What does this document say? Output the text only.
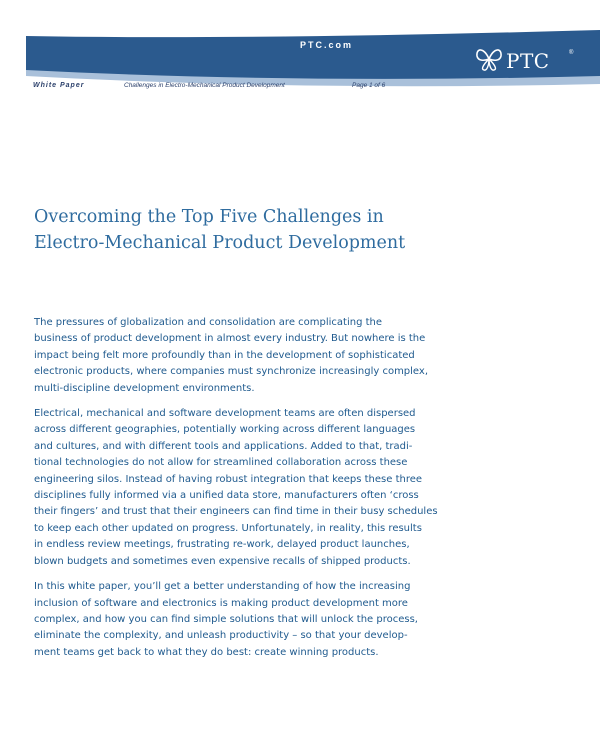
PTC.com
PTC	®
White Paper	Challenges in Electro-Mechanical Product Development	Page 1 of 6
Overcoming the Top Five Challenges in
Electro-Mechanical Product Development

The pressures of globalization and consolidation are complicating the
business of product development in almost every industry. But nowhere is the
impact being felt more profoundly than in the development of sophisticated
electronic products, where companies must synchronize increasingly complex,
multi-discipline development environments.

Electrical, mechanical and software development teams are often dispersed
across different geographies, potentially working across different languages
and cultures, and with different tools and applications. Added to that, tradi-
tional technologies do not allow for streamlined collaboration across these
engineering silos. Instead of having robust integration that keeps these three
disciplines fully informed via a unified data store, manufacturers often ‘cross
their fingers’ and trust that their engineers can find time in their busy schedules
to keep each other updated on progress. Unfortunately, in reality, this results
in endless review meetings, frustrating re-work, delayed product launches,
blown budgets and sometimes even expensive recalls of shipped products.

In this white paper, you’ll get a better understanding of how the increasing
inclusion of software and electronics is making product development more
complex, and how you can find simple solutions that will unlock the process,
eliminate the complexity, and unleash productivity – so that your develop-
ment teams get back to what they do best: create winning products.
